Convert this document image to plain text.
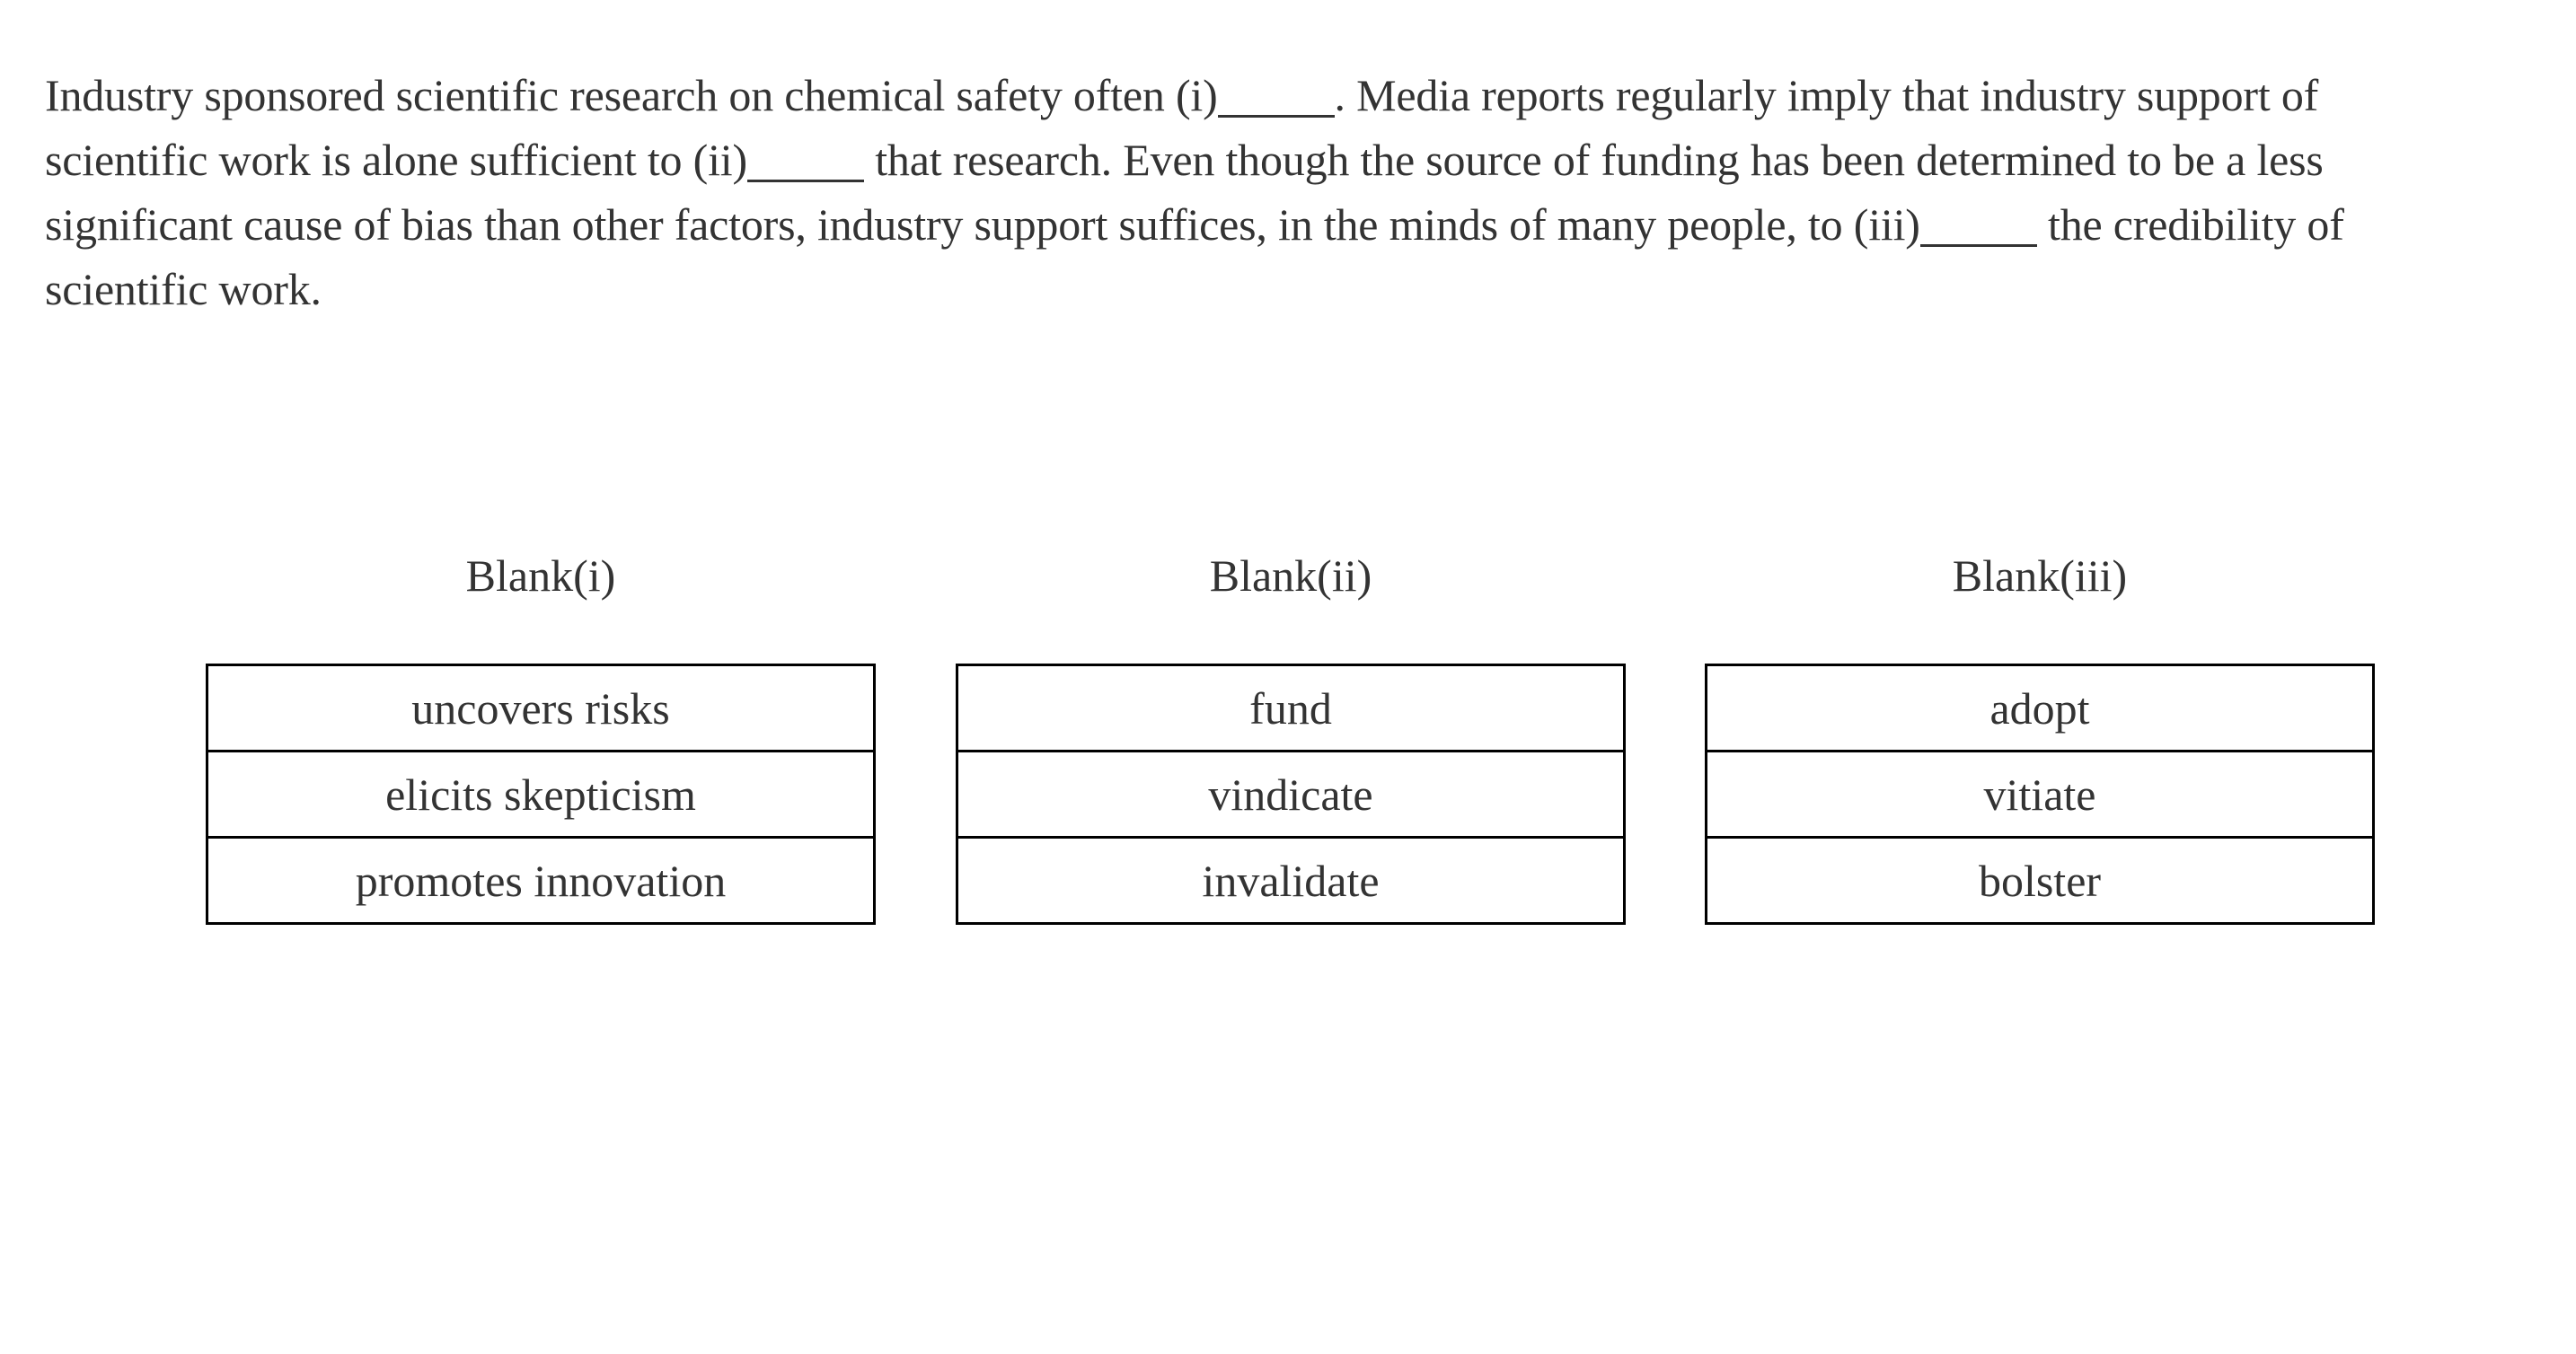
Industry sponsored scientific research on chemical safety often (i)	. Media reports regularly imply that industry support of scientific work is alone sufficient to (ii)	that research. Even though the source of funding has been determined to be a less significant cause of bias than other factors, industry support suffices, in the minds of many people, to (iii)	the credibility of scientific work.

Blank(i)
uncovers risks
elicits skepticism
promotes innovation
Blank(ii)
fund
vindicate
invalidate
Blank(iii)
adopt
vitiate
bolster
